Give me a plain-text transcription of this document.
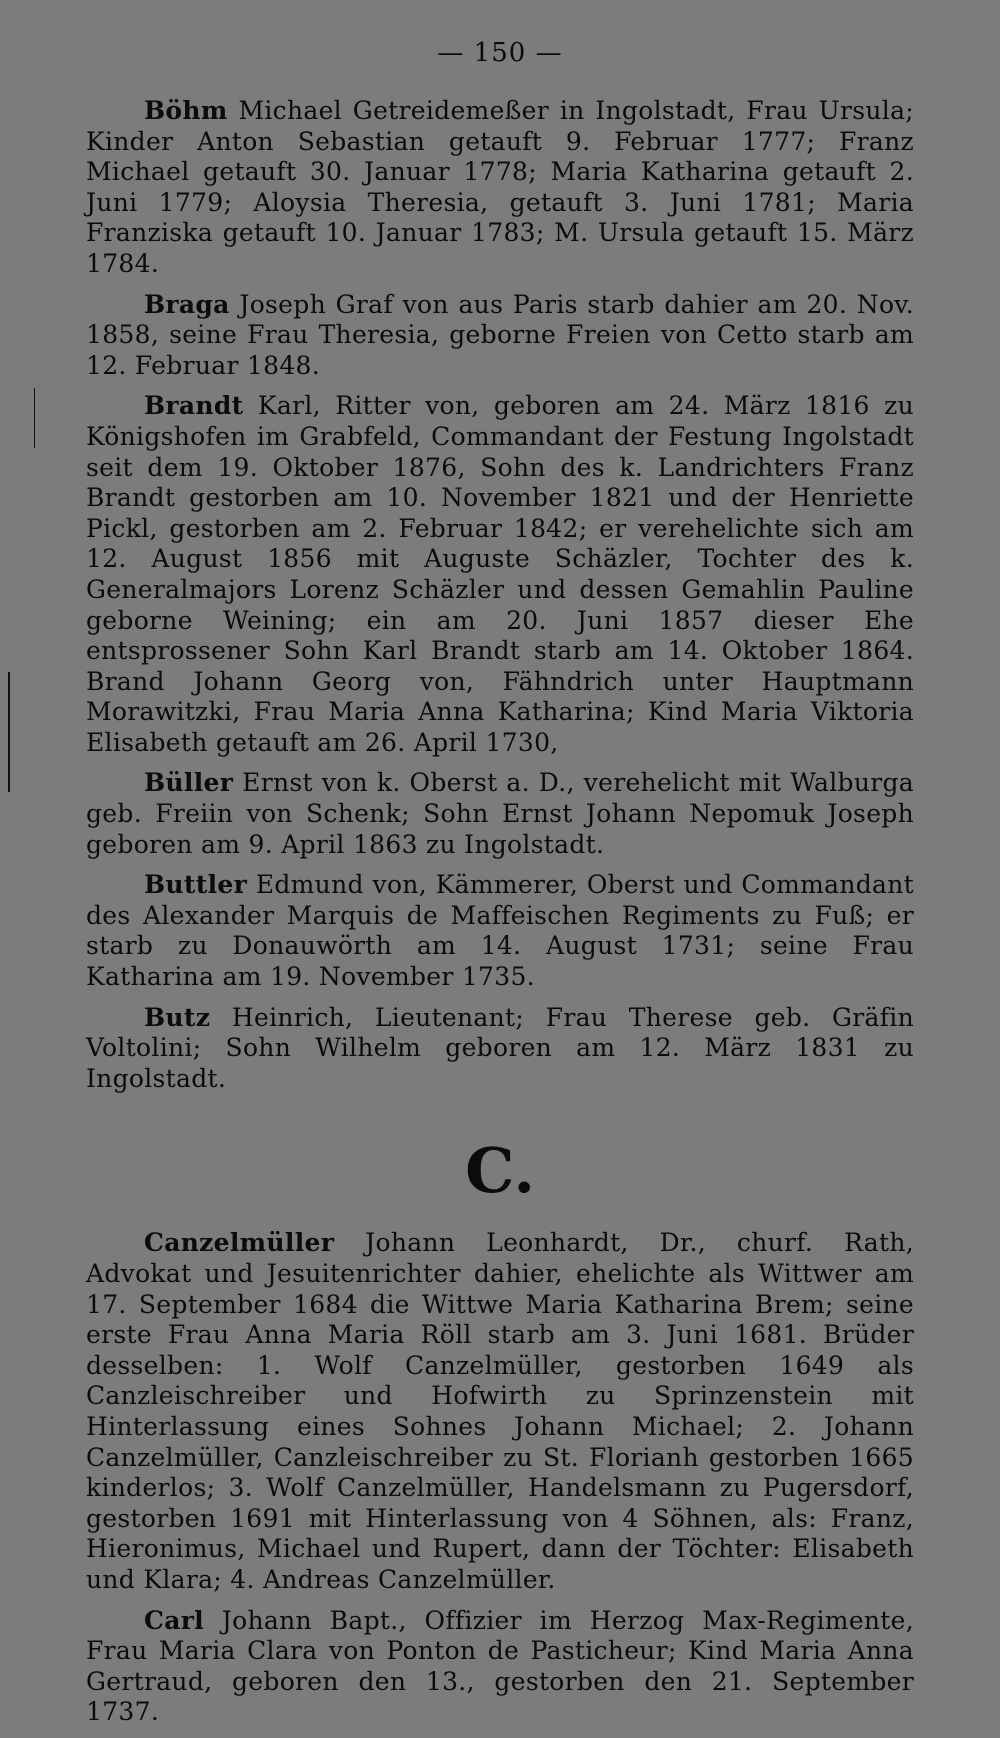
— 150 —

Böhm Michael Getreidemeßer in Ingolstadt, Frau Ursula; Kinder Anton Sebastian getauft 9. Februar 1777; Franz Michael getauft 30. Januar 1778; Maria Katharina getauft 2. Juni 1779; Aloysia Theresia, getauft 3. Juni 1781; Maria Franziska getauft 10. Januar 1783; M. Ursula getauft 15. März 1784.

Braga Joseph Graf von aus Paris starb dahier am 20. Nov. 1858, seine Frau Theresia, geborne Freien von Cetto starb am 12. Februar 1848.

Brandt Karl, Ritter von, geboren am 24. März 1816 zu Königshofen im Grabfeld, Commandant der Festung Ingolstadt seit dem 19. Oktober 1876, Sohn des k. Landrichters Franz Brandt gestorben am 10. November 1821 und der Henriette Pickl, gestorben am 2. Februar 1842; er verehelichte sich am 12. August 1856 mit Auguste Schäzler, Tochter des k. Generalmajors Lorenz Schäzler und dessen Gemahlin Pauline geborne Weining; ein am 20. Juni 1857 dieser Ehe entsprossener Sohn Karl Brandt starb am 14. Oktober 1864. Brand Johann Georg von, Fähndrich unter Hauptmann Morawitzki, Frau Maria Anna Katharina; Kind Maria Viktoria Elisabeth getauft am 26. April 1730,

Büller Ernst von k. Oberst a. D., verehelicht mit Walburga geb. Freiin von Schenk; Sohn Ernst Johann Nepomuk Joseph geboren am 9. April 1863 zu Ingolstadt.

Buttler Edmund von, Kämmerer, Oberst und Commandant des Alexander Marquis de Maffeischen Regiments zu Fuß; er starb zu Donauwörth am 14. August 1731; seine Frau Katharina am 19. November 1735.

Butz Heinrich, Lieutenant; Frau Therese geb. Gräfin Voltolini; Sohn Wilhelm geboren am 12. März 1831 zu Ingolstadt.

C.

Canzelmüller Johann Leonhardt, Dr., churf. Rath, Advokat und Jesuitenrichter dahier, ehelichte als Wittwer am 17. September 1684 die Wittwe Maria Katharina Brem; seine erste Frau Anna Maria Röll starb am 3. Juni 1681. Brüder desselben: 1. Wolf Canzelmüller, gestorben 1649 als Canzleischreiber und Hofwirth zu Sprinzenstein mit Hinterlassung eines Sohnes Johann Michael; 2. Johann Canzelmüller, Canzleischreiber zu St. Florianh gestorben 1665 kinderlos; 3. Wolf Canzelmüller, Handelsmann zu Pugersdorf, gestorben 1691 mit Hinterlassung von 4 Söhnen, als: Franz, Hieronimus, Michael und Rupert, dann der Töchter: Elisabeth und Klara; 4. Andreas Canzelmüller.

Carl Johann Bapt., Offizier im Herzog Max-Regimente, Frau Maria Clara von Ponton de Pasticheur; Kind Maria Anna Gertraud, geboren den 13., gestorben den 21. September 1737.
